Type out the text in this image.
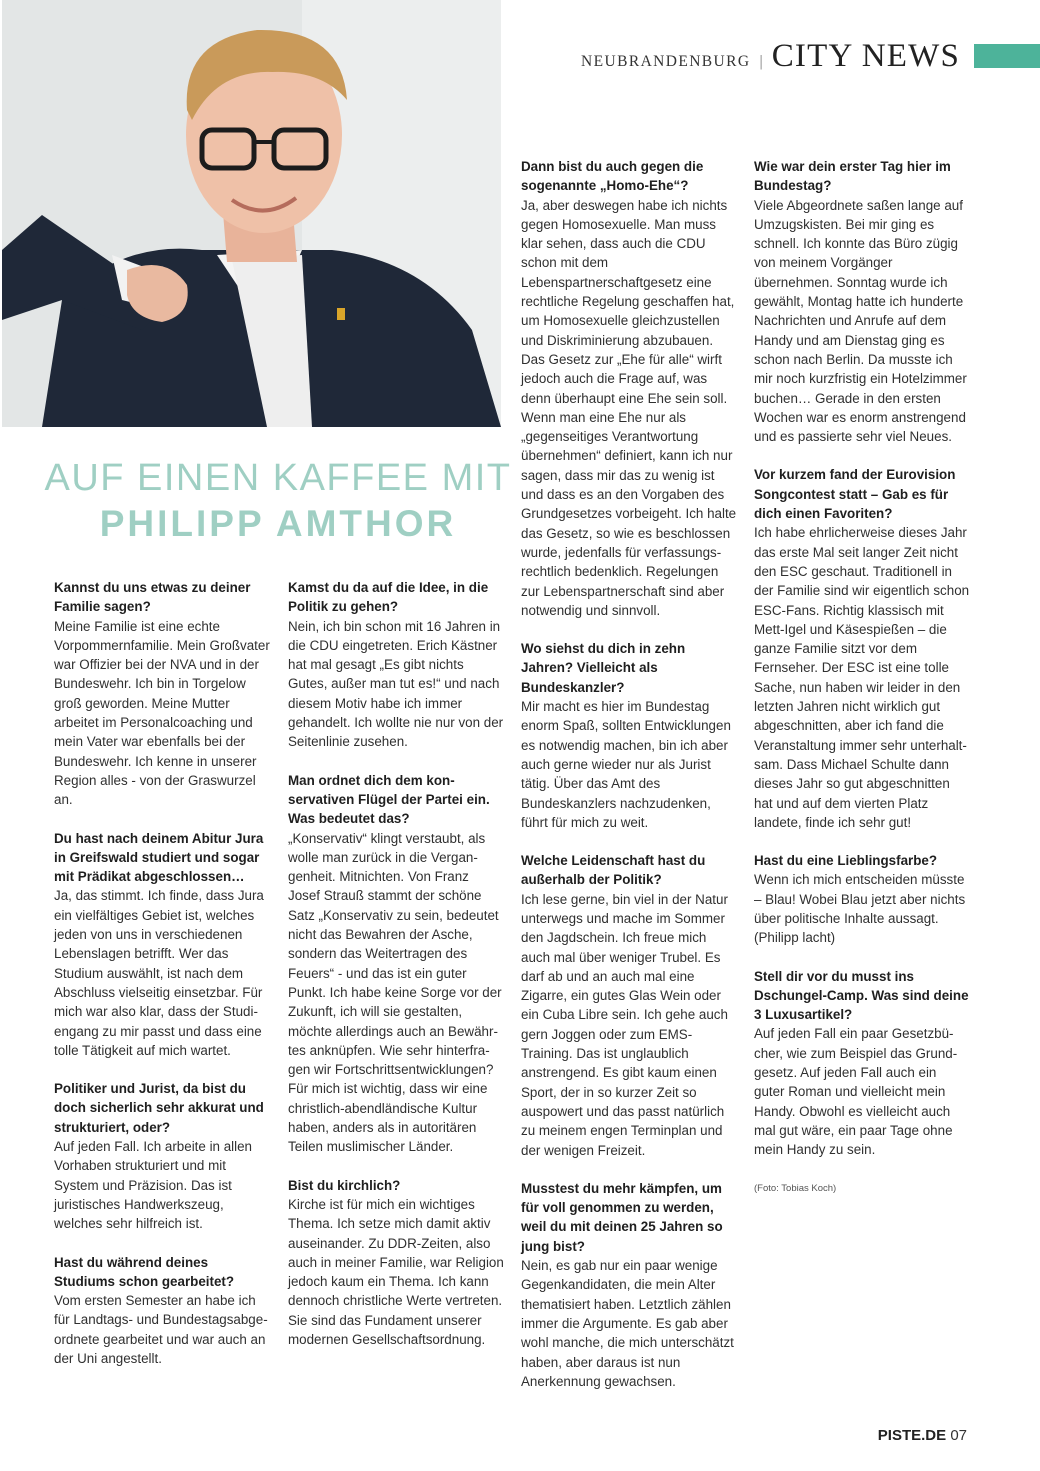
NEUBRANDENBURG | CITY NEWS
AUF EINEN KAFFEE MIT
PHILIPP AMTHOR
Kannst du uns etwas zu deiner Familie sagen?
Meine Familie ist eine echte Vorpommernfamilie. Mein Großvater war Offizier bei der NVA und in der Bundeswehr. Ich bin in Torgelow groß geworden. Meine Mutter arbeitet im Personalcoaching und mein Vater war ebenfalls bei der Bundeswehr. Ich kenne in unserer Region alles - von der Graswurzel an.
Du hast nach deinem Abitur Jura in Greifswald studiert und sogar mit Prädikat abgeschlossen…
Ja, das stimmt. Ich finde, dass Jura ein vielfältiges Gebiet ist, welches jeden von uns in verschiedenen Lebenslagen betrifft. Wer das Studium auswählt, ist nach dem Abschluss vielseitig einsetzbar. Für mich war also klar, dass der Studiengang zu mir passt und dass eine tolle Tätigkeit auf mich wartet.
Politiker und Jurist, da bist du doch sicherlich sehr akkurat und strukturiert, oder?
Auf jeden Fall. Ich arbeite in allen Vorhaben strukturiert und mit System und Präzision. Das ist juristisches Handwerkszeug, welches sehr hilfreich ist.
Hast du während deines Studiums schon gearbeitet?
Vom ersten Semester an habe ich für Landtags- und Bundestagsabgeordnete gearbeitet und war auch an der Uni angestellt.
Kamst du da auf die Idee, in die Politik zu gehen?
Nein, ich bin schon mit 16 Jahren in die CDU eingetreten. Erich Kästner hat mal gesagt „Es gibt nichts Gutes, außer man tut es!“ und nach diesem Motiv habe ich immer gehandelt. Ich wollte nie nur von der Seitenlinie zusehen.
Man ordnet dich dem konservativen Flügel der Partei ein. Was bedeutet das?
„Konservativ“ klingt verstaubt, als wolle man zurück in die Vergangenheit. Mitnichten. Von Franz Josef Strauß stammt der schöne Satz „Konservativ zu sein, bedeutet nicht das Bewahren der Asche, sondern das Weitertragen des Feuers“ - und das ist ein guter Punkt. Ich habe keine Sorge vor der Zukunft, ich will sie gestalten, möchte allerdings auch an Bewährtes anknüpfen. Wie sehr hinterfragen wir Fortschrittsentwicklungen? Für mich ist wichtig, dass wir eine christlich-abendländische Kultur haben, anders als in autoritären Teilen muslimischer Länder.
Bist du kirchlich?
Kirche ist für mich ein wichtiges Thema. Ich setze mich damit aktiv auseinander. Zu DDR-Zeiten, also auch in meiner Familie, war Religion jedoch kaum ein Thema. Ich kann dennoch christliche Werte vertreten. Sie sind das Fundament unserer modernen Gesellschaftsordnung.
Dann bist du auch gegen die sogenannte „Homo-Ehe“?
Ja, aber deswegen habe ich nichts gegen Homosexuelle. Man muss klar sehen, dass auch die CDU schon mit dem Lebenspartnerschaftgesetz eine rechtliche Regelung geschaffen hat, um Homosexuelle gleichzustellen und Diskriminierung abzubauen. Das Gesetz zur „Ehe für alle“ wirft jedoch auch die Frage auf, was denn überhaupt eine Ehe sein soll. Wenn man eine Ehe nur als „gegenseitiges Verantwortung übernehmen“ definiert, kann ich nur sagen, dass mir das zu wenig ist und dass es an den Vorgaben des Grundgesetzes vorbeigeht. Ich halte das Gesetz, so wie es beschlossen wurde, jedenfalls für verfassungsrechtlich bedenklich. Regelungen zur Lebenspartnerschaft sind aber notwendig und sinnvoll.
Wo siehst du dich in zehn Jahren? Vielleicht als Bundeskanzler?
Mir macht es hier im Bundestag enorm Spaß, sollten Entwicklungen es notwendig machen, bin ich aber auch gerne wieder nur als Jurist tätig. Über das Amt des Bundeskanzlers nachzudenken, führt für mich zu weit.
Welche Leidenschaft hast du außerhalb der Politik?
Ich lese gerne, bin viel in der Natur unterwegs und mache im Sommer den Jagdschein. Ich freue mich auch mal über weniger Trubel. Es darf ab und an auch mal eine Zigarre, ein gutes Glas Wein oder ein Cuba Libre sein. Ich gehe auch gern Joggen oder zum EMS-Training. Das ist unglaublich anstrengend. Es gibt kaum einen Sport, der in so kurzer Zeit so auspowert und das passt natürlich zu meinem engen Terminplan und der wenigen Freizeit.
Musstest du mehr kämpfen, um für voll genommen zu werden, weil du mit deinen 25 Jahren so jung bist?
Nein, es gab nur ein paar wenige Gegenkandidaten, die mein Alter thematisiert haben. Letztlich zählen immer die Argumente. Es gab aber wohl manche, die mich unterschätzt haben, aber daraus ist nun Anerkennung gewachsen.
Wie war dein erster Tag hier im Bundestag?
Viele Abgeordnete saßen lange auf Umzugskisten. Bei mir ging es schnell. Ich konnte das Büro zügig von meinem Vorgänger übernehmen. Sonntag wurde ich gewählt, Montag hatte ich hunderte Nachrichten und Anrufe auf dem Handy und am Dienstag ging es schon nach Berlin. Da musste ich mir noch kurzfristig ein Hotelzimmer buchen… Gerade in den ersten Wochen war es enorm anstrengend und es passierte sehr viel Neues.
Vor kurzem fand der Eurovision Songcontest statt – Gab es für dich einen Favoriten?
Ich habe ehrlicherweise dieses Jahr das erste Mal seit langer Zeit nicht den ESC geschaut. Traditionell in der Familie sind wir eigentlich schon ESC-Fans. Richtig klassisch mit Mett-Igel und Käsespießen – die ganze Familie sitzt vor dem Fernseher. Der ESC ist eine tolle Sache, nun haben wir leider in den letzten Jahren nicht wirklich gut abgeschnitten, aber ich fand die Veranstaltung immer sehr unterhaltsam. Dass Michael Schulte dann dieses Jahr so gut abgeschnitten hat und auf dem vierten Platz landete, finde ich sehr gut!
Hast du eine Lieblingsfarbe?
Wenn ich mich entscheiden müsste – Blau! Wobei Blau jetzt aber nichts über politische Inhalte aussagt. (Philipp lacht)
Stell dir vor du musst ins Dschungel-Camp. Was sind deine 3 Luxusartikel?
Auf jeden Fall ein paar Gesetzbücher, wie zum Beispiel das Grundgesetz. Auf jeden Fall auch ein guter Roman und vielleicht mein Handy. Obwohl es vielleicht auch mal gut wäre, ein paar Tage ohne mein Handy zu sein.
(Foto: Tobias Koch)
PISTE.DE 07
